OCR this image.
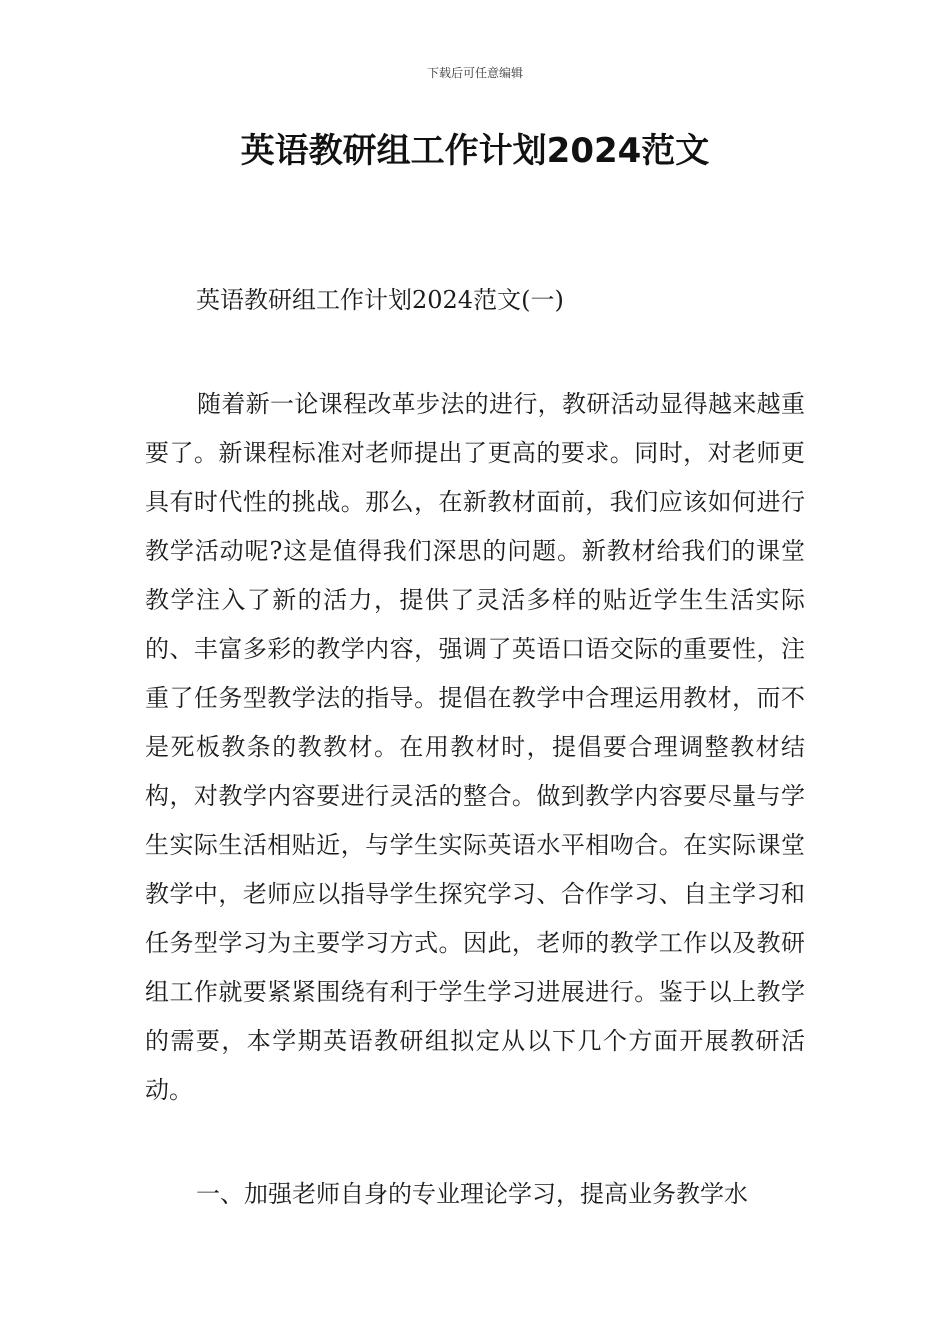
下载后可任意编辑
英语教研组工作计划2024范文
英语教研组工作计划2024范文(一)

随着新一论课程改革步法的进行，教研活动显得越来越重要了。新课程标准对老师提出了更高的要求。同时，对老师更具有时代性的挑战。那么，在新教材面前，我们应该如何进行教学活动呢?这是值得我们深思的问题。新教材给我们的课堂教学注入了新的活力，提供了灵活多样的贴近学生生活实际的、丰富多彩的教学内容，强调了英语口语交际的重要性，注重了任务型教学法的指导。提倡在教学中合理运用教材，而不是死板教条的教教材。在用教材时，提倡要合理调整教材结构，对教学内容要进行灵活的整合。做到教学内容要尽量与学生实际生活相贴近，与学生实际英语水平相吻合。在实际课堂教学中，老师应以指导学生探究学习、合作学习、自主学习和任务型学习为主要学习方式。因此，老师的教学工作以及教研组工作就要紧紧围绕有利于学生学习进展进行。鉴于以上教学的需要，本学期英语教研组拟定从以下几个方面开展教研活动。

一、加强老师自身的专业理论学习，提高业务教学水
